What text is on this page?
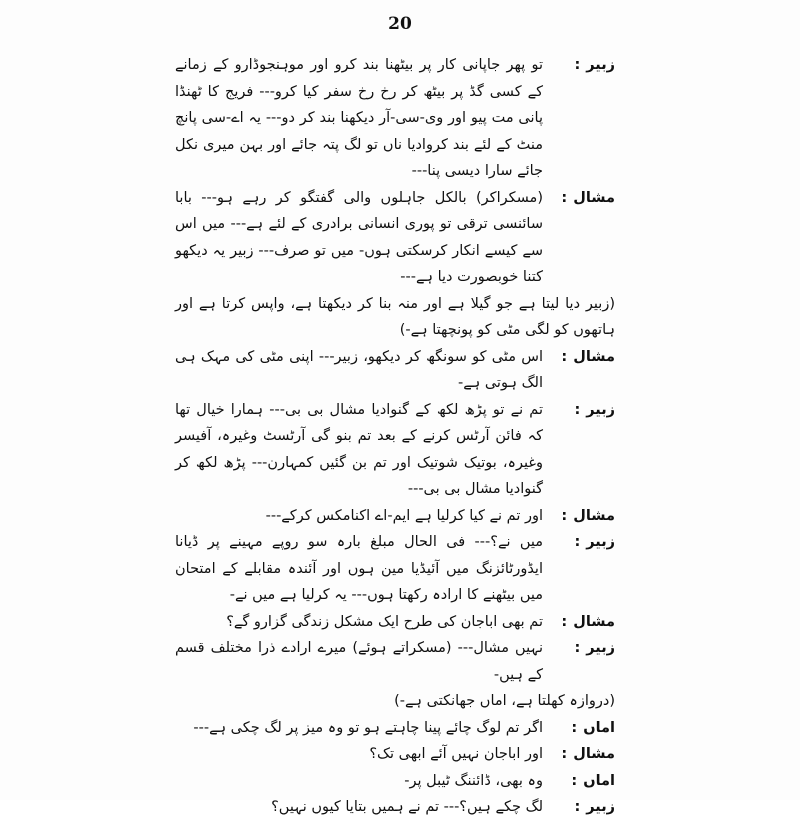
20
زبیر:
تو پھر جاپانی کار پر بیٹھنا بند کرو اور موہنجوڈارو کے زمانے کے کسی گڈ پر بیٹھ کر رخ رخ سفر کیا کرو--- فریج کا ٹھنڈا پانی مت پیو اور وی-سی-آر دیکھنا بند کر دو--- یہ اے-سی پانچ منٹ کے لئے بند کروادیا ناں تو لگ پتہ جائے اور بہن میری نکل جائے سارا دیسی پنا---
مشال:
(مسکراکر) بالکل جاہلوں والی گفتگو کر رہے ہو--- بابا سائنسی ترقی تو پوری انسانی برادری کے لئے ہے--- میں اس سے کیسے انکار کرسکتی ہوں- میں تو صرف--- زبیر یہ دیکھو کتنا خوبصورت دیا ہے---
(زبیر دیا لیتا ہے جو گیلا ہے اور منہ بنا کر دیکھتا ہے، واپس کرتا ہے اور ہاتھوں کو لگی مٹی کو پونچھتا ہے-)
مشال:
اس مٹی کو سونگھ کر دیکھو، زبیر--- اپنی مٹی کی مہک ہی الگ ہوتی ہے-
زبیر:
تم نے تو پڑھ لکھ کے گنوادیا مشال بی بی--- ہمارا خیال تھا کہ فائن آرٹس کرنے کے بعد تم بنو گی آرٹسٹ وغیرہ، آفیسر وغیرہ، بوتیک شوتیک اور تم بن گئیں کمہارن--- پڑھ لکھ کر گنوادیا مشال بی بی---
مشال:
اور تم نے کیا کرلیا ہے ایم-اے اکنامکس کرکے---
زبیر:
میں نے؟--- فی الحال مبلغ بارہ سو روپے مہینے پر ڈیانا ایڈورٹائزنگ میں آئیڈیا مین ہوں اور آئندہ مقابلے کے امتحان میں بیٹھنے کا ارادہ رکھتا ہوں--- یہ کرلیا ہے میں نے-
مشال:
تم بھی اباجان کی طرح ایک مشکل زندگی گزارو گے؟
زبیر:
نہیں مشال--- (مسکراتے ہوئے) میرے ارادے ذرا مختلف قسم کے ہیں-
(دروازہ کھلتا ہے، اماں جھانکتی ہے-)
اماں:
اگر تم لوگ چائے پینا چاہتے ہو تو وہ میز پر لگ چکی ہے---
مشال:
اور اباجان نہیں آئے ابھی تک؟
اماں:
وہ بھی، ڈائننگ ٹیبل پر-
زبیر:
لگ چکے ہیں؟--- تم نے ہمیں بتایا کیوں نہیں؟
